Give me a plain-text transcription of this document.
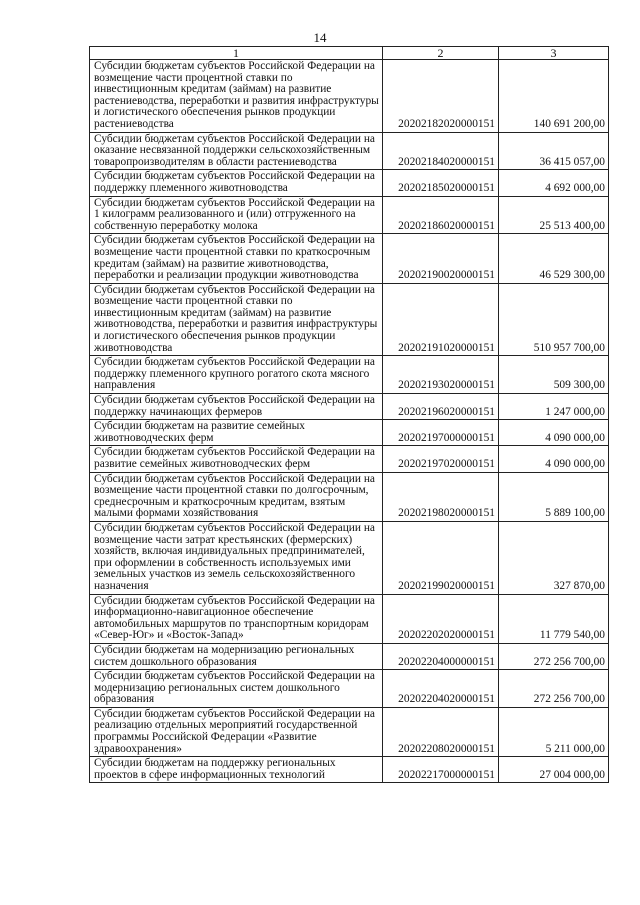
14
1	2	3
Субсидии бюджетам субъектов Российской Федерации на возмещение части процентной ставки по инвестиционным кредитам (займам) на развитие растениеводства, переработки и развития инфраструктуры и логистического обеспечения рынков продукции растениеводства	20202182020000151	140 691 200,00
Субсидии бюджетам субъектов Российской Федерации на оказание несвязанной поддержки сельскохозяйственным товаропроизводителям в области растениеводства	20202184020000151	36 415 057,00
Субсидии бюджетам субъектов Российской Федерации на поддержку племенного животноводства	20202185020000151	4 692 000,00
Субсидии бюджетам субъектов Российской Федерации на 1 килограмм реализованного и (или) отгруженного на собственную переработку молока	20202186020000151	25 513 400,00
Субсидии бюджетам субъектов Российской Федерации на возмещение части процентной ставки по краткосрочным кредитам (займам) на развитие животноводства, переработки и реализации продукции животноводства	20202190020000151	46 529 300,00
Субсидии бюджетам субъектов Российской Федерации на возмещение части процентной ставки по инвестиционным кредитам (займам) на развитие животноводства, переработки и развития инфраструктуры и логистического обеспечения рынков продукции животноводства	20202191020000151	510 957 700,00
Субсидии бюджетам субъектов Российской Федерации на поддержку племенного крупного рогатого скота мясного направления	20202193020000151	509 300,00
Субсидии бюджетам субъектов Российской Федерации на поддержку начинающих фермеров	20202196020000151	1 247 000,00
Субсидии бюджетам на развитие семейных животноводческих ферм	20202197000000151	4 090 000,00
Субсидии бюджетам субъектов Российской Федерации на развитие семейных животноводческих ферм	20202197020000151	4 090 000,00
Субсидии бюджетам субъектов Российской Федерации на возмещение части процентной ставки по долгосрочным, среднесрочным и краткосрочным кредитам, взятым малыми формами хозяйствования	20202198020000151	5 889 100,00
Субсидии бюджетам субъектов Российской Федерации на возмещение части затрат крестьянских (фермерских) хозяйств, включая индивидуальных предпринимателей, при оформлении в собственность используемых ими земельных участков из земель сельскохозяйственного назначения	20202199020000151	327 870,00
Субсидии бюджетам субъектов Российской Федерации на информационно-навигационное обеспечение автомобильных маршрутов по транспортным коридорам «Север-Юг» и «Восток-Запад»	20202202020000151	11 779 540,00
Субсидии бюджетам на модернизацию региональных систем дошкольного образования	20202204000000151	272 256 700,00
Субсидии бюджетам субъектов Российской Федерации на модернизацию региональных систем дошкольного образования	20202204020000151	272 256 700,00
Субсидии бюджетам субъектов Российской Федерации на реализацию отдельных мероприятий государственной программы Российской Федерации «Развитие здравоохранения»	20202208020000151	5 211 000,00
Субсидии бюджетам на поддержку региональных проектов в сфере информационных технологий	20202217000000151	27 004 000,00
